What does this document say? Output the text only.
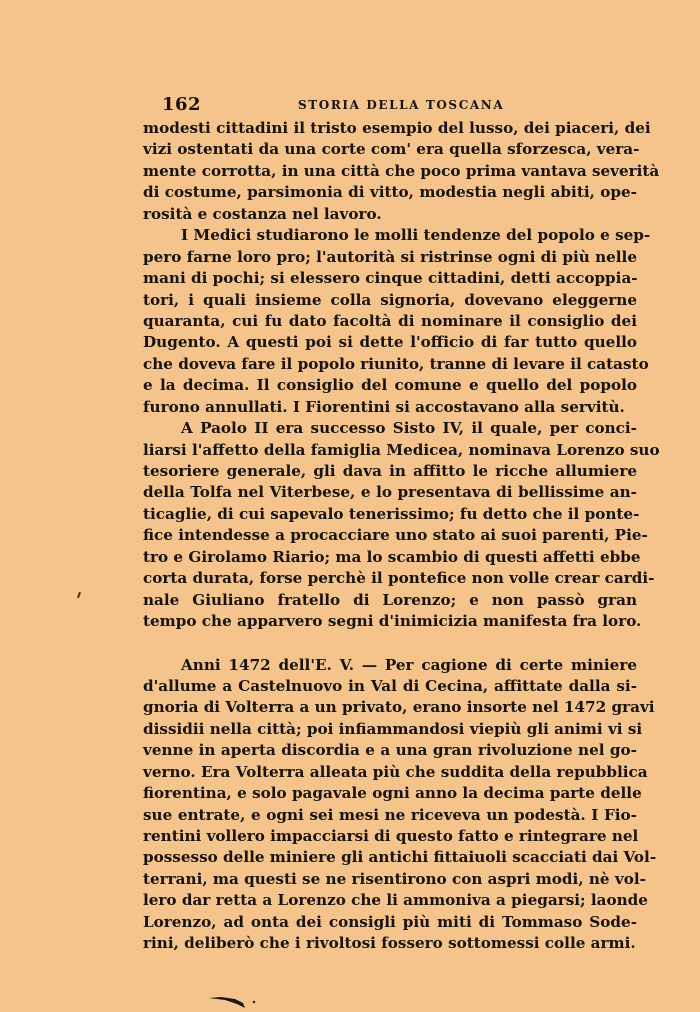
162	STORIA DELLA TOSCANA
modesti cittadini il tristo esempio del lusso, dei piaceri, dei
vizi ostentati da una corte com' era quella sforzesca, vera-
mente corrotta, in una città che poco prima vantava severità
di costume, parsimonia di vitto, modestia negli abiti, ope-
rosità e costanza nel lavoro.
I Medici studiarono le molli tendenze del popolo e sep-
pero farne loro pro; l'autorità si ristrinse ogni di più nelle
mani di pochi; si elessero cinque cittadini, detti accoppia-
tori, i quali insieme colla signoria, dovevano eleggerne
quaranta, cui fu dato facoltà di nominare il consiglio dei
Dugento. A questi poi si dette l'officio di far tutto quello
che doveva fare il popolo riunito, tranne di levare il catasto
e la decima. Il consiglio del comune e quello del popolo
furono annullati. I Fiorentini si accostavano alla servitù.
A Paolo II era successo Sisto IV, il quale, per conci-
liarsi l'affetto della famiglia Medicea, nominava Lorenzo suo
tesoriere generale, gli dava in affitto le ricche allumiere
della Tolfa nel Viterbese, e lo presentava di bellissime an-
ticaglie, di cui sapevalo tenerissimo; fu detto che il ponte-
fice intendesse a procacciare uno stato ai suoi parenti, Pie-
tro e Girolamo Riario; ma lo scambio di questi affetti ebbe
corta durata, forse perchè il pontefice non volle crear cardi-
nale Giuliano fratello di Lorenzo; e non passò gran
tempo che apparvero segni d'inimicizia manifesta fra loro.
Anni 1472 dell'E. V. — Per cagione di certe miniere
d'allume a Castelnuovo in Val di Cecina, affittate dalla si-
gnoria di Volterra a un privato, erano insorte nel 1472 gravi
dissidii nella città; poi infiammandosi viepiù gli animi vi si
venne in aperta discordia e a una gran rivoluzione nel go-
verno. Era Volterra alleata più che suddita della repubblica
fiorentina, e solo pagavale ogni anno la decima parte delle
sue entrate, e ogni sei mesi ne riceveva un podestà. I Fio-
rentini vollero impacciarsi di questo fatto e rintegrare nel
possesso delle miniere gli antichi fittaiuoli scacciati dai Vol-
terrani, ma questi se ne risentirono con aspri modi, nè vol-
lero dar retta a Lorenzo che li ammoniva a piegarsi; laonde
Lorenzo, ad onta dei consigli più miti di Tommaso Sode-
rini, deliberò che i rivoltosi fossero sottomessi colle armi.
